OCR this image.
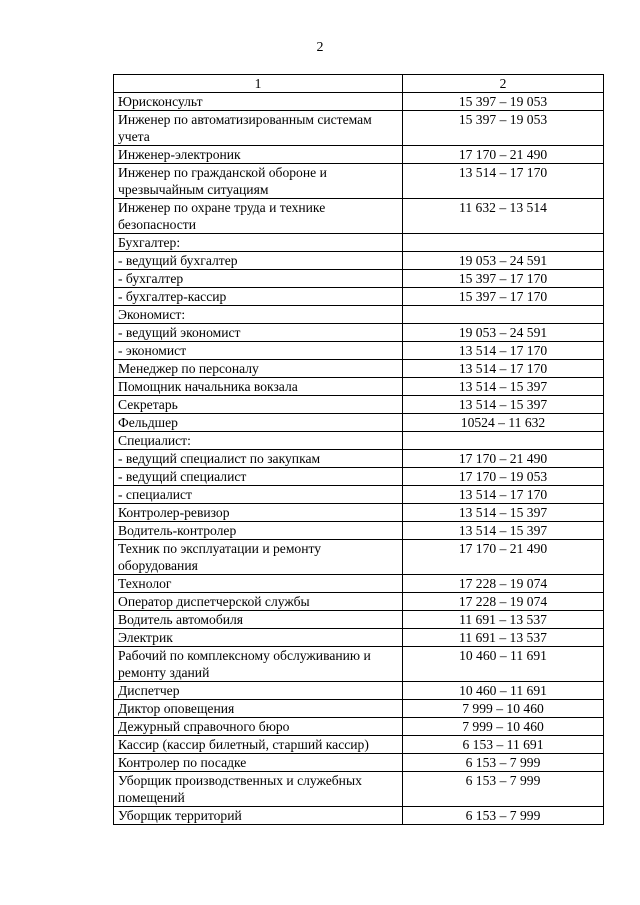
2
1	2
Юрисконсульт	15 397 – 19 053
Инженер по автоматизированным системам учета	15 397 – 19 053
Инженер-электроник	17 170 – 21 490
Инженер по гражданской обороне и чрезвычайным ситуациям	13 514 – 17 170
Инженер по охране труда и технике безопасности	11 632 – 13 514
Бухгалтер:	
- ведущий бухгалтер	19 053 – 24 591
- бухгалтер	15 397 – 17 170
- бухгалтер-кассир	15 397 – 17 170
Экономист:	
- ведущий экономист	19 053 – 24 591
- экономист	13 514 – 17 170
Менеджер по персоналу	13 514 – 17 170
Помощник начальника вокзала	13 514 – 15 397
Секретарь	13 514 – 15 397
Фельдшер	10524 – 11 632
Специалист:	
- ведущий специалист по закупкам	17 170 – 21 490
- ведущий специалист	17 170 – 19 053
- специалист	13 514 – 17 170
Контролер-ревизор	13 514 – 15 397
Водитель-контролер	13 514 – 15 397
Техник по эксплуатации и ремонту оборудования	17 170 – 21 490
Технолог	17 228 – 19 074
Оператор диспетчерской службы	17 228 – 19 074
Водитель автомобиля	11 691 – 13 537
Электрик	11 691 – 13 537
Рабочий по комплексному обслуживанию и ремонту зданий	10 460 – 11 691
Диспетчер	10 460 – 11 691
Диктор оповещения	7 999 – 10 460
Дежурный справочного бюро	7 999 – 10 460
Кассир (кассир билетный, старший кассир)	6 153 – 11 691
Контролер по посадке	6 153 – 7 999
Уборщик производственных и служебных помещений	6 153 – 7 999
Уборщик территорий	6 153 – 7 999
